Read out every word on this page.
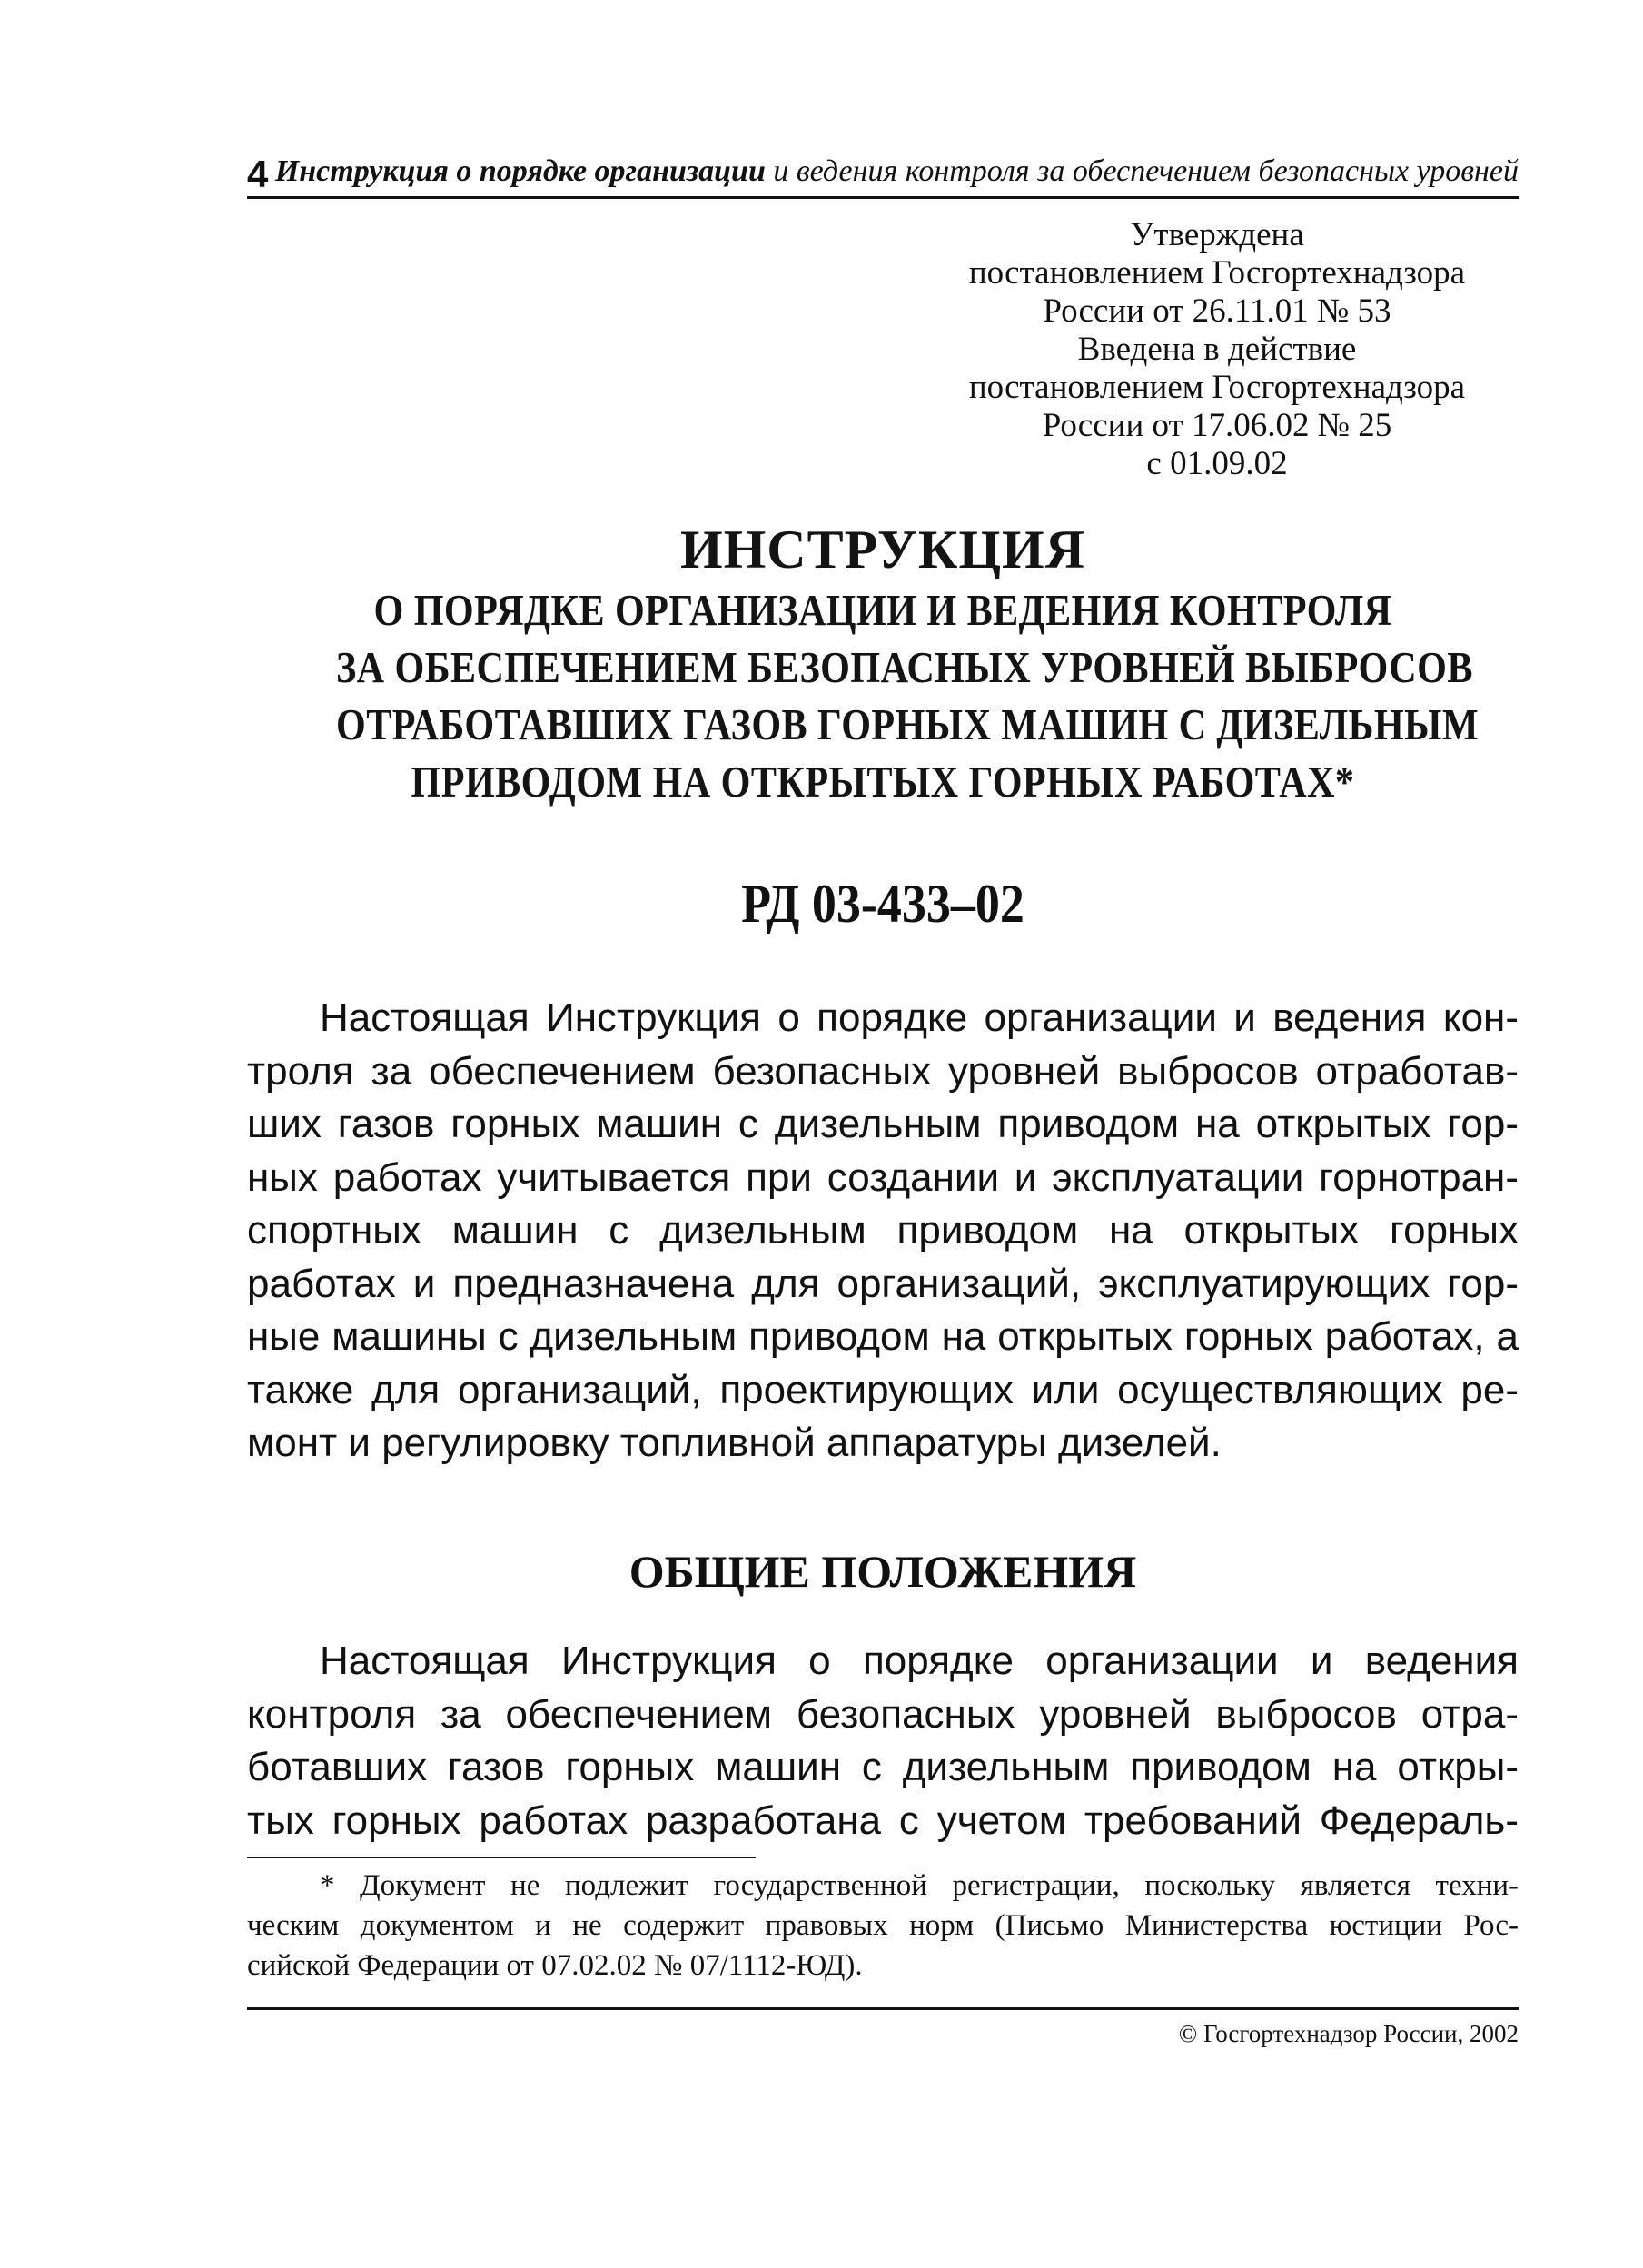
4 Инструкция о порядке организации и ведения контроля за обеспечением безопасных уровней
Утверждена
постановлением Госгортехнадзора
России от 26.11.01 № 53
Введена в действие
постановлением Госгортехнадзора
России от 17.06.02 № 25
с 01.09.02
ИНСТРУКЦИЯ
О ПОРЯДКЕ ОРГАНИЗАЦИИ И ВЕДЕНИЯ КОНТРОЛЯ
ЗА ОБЕСПЕЧЕНИЕМ БЕЗОПАСНЫХ УРОВНЕЙ ВЫБРОСОВ
ОТРАБОТАВШИХ ГАЗОВ ГОРНЫХ МАШИН С ДИЗЕЛЬНЫМ
ПРИВОДОМ НА ОТКРЫТЫХ ГОРНЫХ РАБОТАХ*
РД 03-433–02
Настоящая Инструкция о порядке организации и ведения кон-
троля за обеспечением безопасных уровней выбросов отработав-
ших газов горных машин с дизельным приводом на открытых гор-
ных работах учитывается при создании и эксплуатации горнотран-
спортных машин с дизельным приводом на открытых горных
работах и предназначена для организаций, эксплуатирующих гор-
ные машины с дизельным приводом на открытых горных работах, а
также для организаций, проектирующих или осуществляющих ре-
монт и регулировку топливной аппаратуры дизелей.
ОБЩИЕ ПОЛОЖЕНИЯ
Настоящая Инструкция о порядке организации и ведения
контроля за обеспечением безопасных уровней выбросов отра-
ботавших газов горных машин с дизельным приводом на откры-
тых горных работах разработана с учетом требований Федераль-
* Документ не подлежит государственной регистрации, поскольку является техни-
ческим документом и не содержит правовых норм (Письмо Министерства юстиции Рос-
сийской Федерации от 07.02.02 № 07/1112-ЮД).
© Госгортехнадзор России, 2002
